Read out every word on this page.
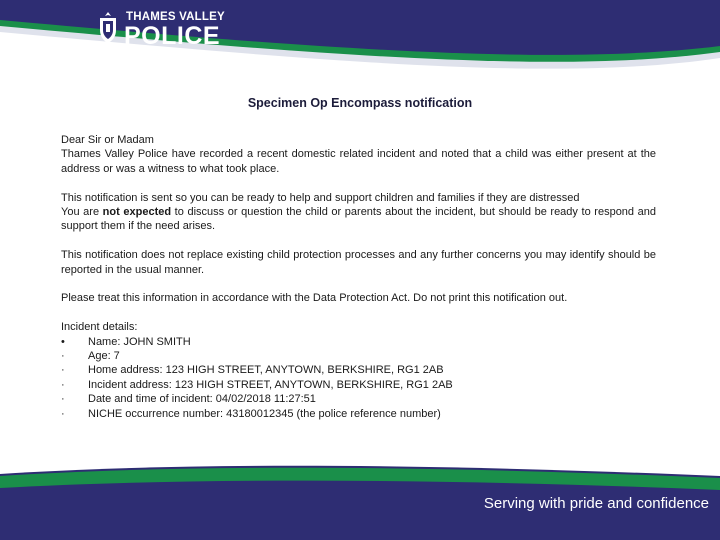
THAMES VALLEY
POLICE
Specimen Op Encompass notification

Dear Sir or Madam
Thames Valley Police have recorded a recent domestic related incident and noted that a child was either present at the address or was a witness to what took place.

This notification is sent so you can be ready to help and support children and families if they are distressed
You are not expected to discuss or question the child or parents about the incident, but should be ready to respond and support them if the need arises.

This notification does not replace existing child protection processes and any further concerns you may identify should be reported in the usual manner.

Please treat this information in accordance with the Data Protection Act. Do not print this notification out.

Incident details:
•	Name: JOHN SMITH
·	Age: 7
·	Home address: 123 HIGH STREET, ANYTOWN, BERKSHIRE, RG1 2AB
·	Incident address: 123 HIGH STREET, ANYTOWN, BERKSHIRE, RG1 2AB
·	Date and time of incident: 04/02/2018 11:27:51
·	NICHE occurrence number: 43180012345 (the police reference number)
Serving with pride and confidence
